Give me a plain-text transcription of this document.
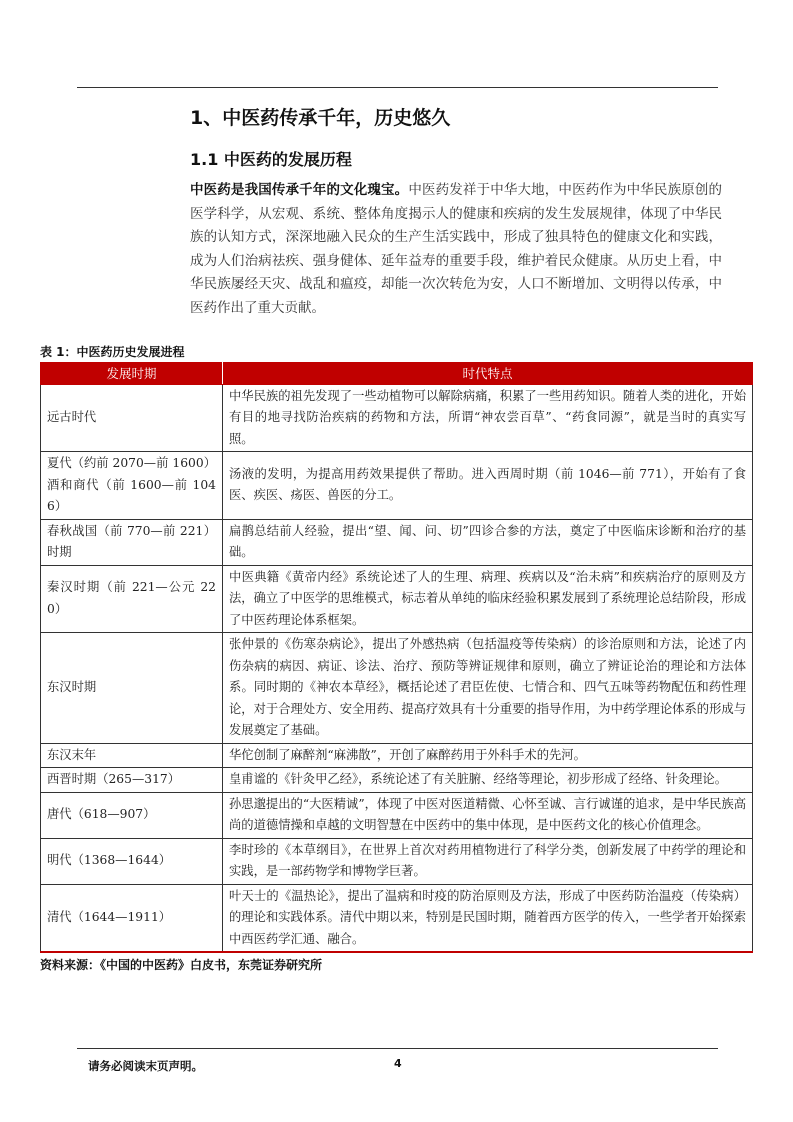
1、中医药传承千年，历史悠久
1.1 中医药的发展历程
中医药是我国传承千年的文化瑰宝。中医药发祥于中华大地，中医药作为中华民族原创的医学科学，从宏观、系统、整体角度揭示人的健康和疾病的发生发展规律，体现了中华民族的认知方式，深深地融入民众的生产生活实践中，形成了独具特色的健康文化和实践，成为人们治病祛疾、强身健体、延年益寿的重要手段，维护着民众健康。从历史上看，中华民族屡经天灾、战乱和瘟疫，却能一次次转危为安，人口不断增加、文明得以传承，中医药作出了重大贡献。
表 1：中医药历史发展进程
发展时期	时代特点
远古时代	中华民族的祖先发现了一些动植物可以解除病痛，积累了一些用药知识。随着人类的进化，开始有目的地寻找防治疾病的药物和方法，所谓“神农尝百草”、“药食同源”，就是当时的真实写照。
夏代（约前 2070—前 1600）酒和商代（前 1600—前 1046）	汤液的发明，为提高用药效果提供了帮助。进入西周时期（前 1046—前 771），开始有了食医、疾医、疡医、兽医的分工。
春秋战国（前 770—前 221）时期	扁鹊总结前人经验，提出“望、闻、问、切”四诊合参的方法，奠定了中医临床诊断和治疗的基础。
秦汉时期（前 221—公元 220）	中医典籍《黄帝内经》系统论述了人的生理、病理、疾病以及“治未病”和疾病治疗的原则及方法，确立了中医学的思维模式，标志着从单纯的临床经验积累发展到了系统理论总结阶段，形成了中医药理论体系框架。
东汉时期	张仲景的《伤寒杂病论》，提出了外感热病（包括温疫等传染病）的诊治原则和方法，论述了内伤杂病的病因、病证、诊法、治疗、预防等辨证规律和原则，确立了辨证论治的理论和方法体系。同时期的《神农本草经》，概括论述了君臣佐使、七情合和、四气五味等药物配伍和药性理论，对于合理处方、安全用药、提高疗效具有十分重要的指导作用，为中药学理论体系的形成与发展奠定了基础。
东汉末年	华佗创制了麻醉剂“麻沸散”，开创了麻醉药用于外科手术的先河。
西晋时期（265—317）	皇甫谧的《针灸甲乙经》，系统论述了有关脏腑、经络等理论，初步形成了经络、针灸理论。
唐代（618—907）	孙思邈提出的“大医精诚”，体现了中医对医道精微、心怀至诚、言行诚谨的追求，是中华民族高尚的道德情操和卓越的文明智慧在中医药中的集中体现，是中医药文化的核心价值理念。
明代（1368—1644）	李时珍的《本草纲目》，在世界上首次对药用植物进行了科学分类，创新发展了中药学的理论和实践，是一部药物学和博物学巨著。
清代（1644—1911）	叶天士的《温热论》，提出了温病和时疫的防治原则及方法，形成了中医药防治温疫（传染病）的理论和实践体系。清代中期以来，特别是民国时期，随着西方医学的传入，一些学者开始探索中西医药学汇通、融合。
资料来源：《中国的中医药》白皮书，东莞证券研究所
请务必阅读末页声明。	4
